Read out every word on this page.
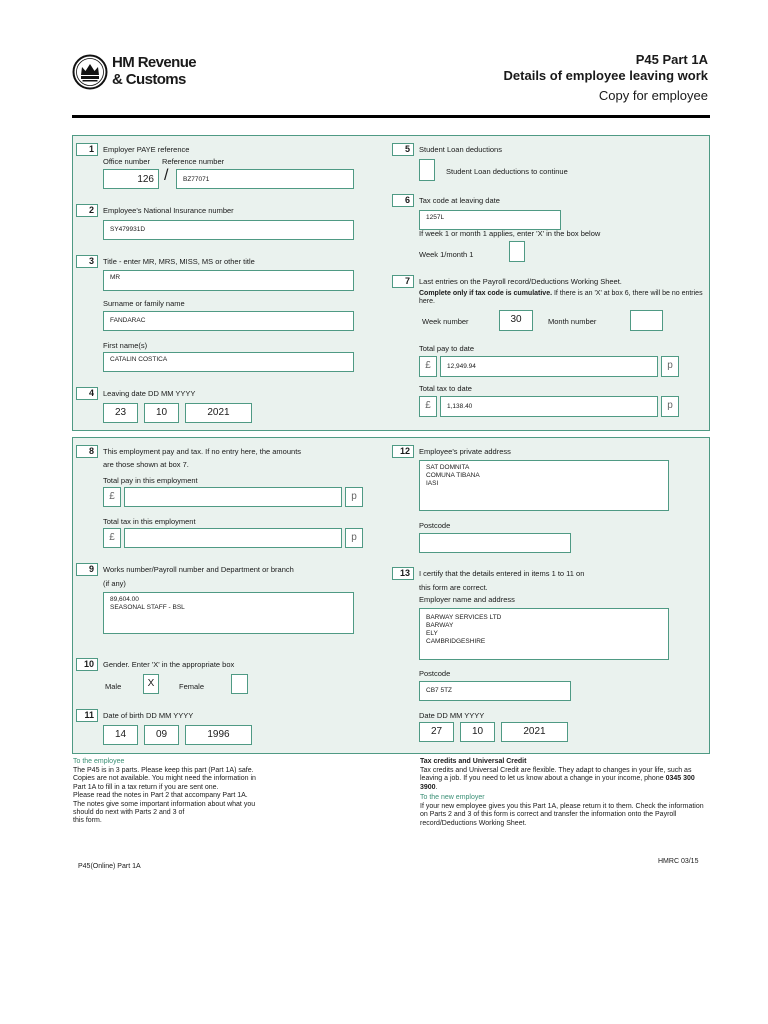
HM Revenue
& Customs
P45 Part 1A
Details of employee leaving work
Copy for employee
1	Employer PAYE reference
Office number Reference number
126 /	BZ77071
2	Employee's National Insurance number
SY479931D
3	Title - enter MR, MRS, MISS, MS or other title
MR
Surname or family name
FANDARAC
First name(s)
CATALIN COSTICA
4	Leaving date DD MM YYYY
23	10	2021
5	Student Loan deductions
Student Loan deductions to continue
6	Tax code at leaving date
1257L
If week 1 or month 1 applies, enter 'X' in the box below
Week 1/month 1
7	Last entries on the Payroll record/Deductions Working Sheet.
Complete only if tax code is cumulative. If there is an 'X' at box 6, there will be no entries here.
Week number	30	Month number
Total pay to date
£	12,949.94	p
Total tax to date
£	1,138.40	p
8	This employment pay and tax. If no entry here, the amounts
are those shown at box 7.
Total pay in this employment
£	p
Total tax in this employment
£	p
9	Works number/Payroll number and Department or branch
(if any)
89,604.00
SEASONAL STAFF - BSL
10	Gender. Enter 'X' in the appropriate box
Male	X	Female
11	Date of birth DD MM YYYY
14	09	1996
12	Employee's private address
SAT DOMNITA
COMUNA TIBANA
IASI
Postcode
13	I certify that the details entered in items 1 to 11 on
this form are correct.
Employer name and address
BARWAY SERVICES LTD
BARWAY
ELY
CAMBRIDGESHIRE
Postcode
CB7 5TZ
Date DD MM YYYY
27	10	2021
To the employee
The P45 is in 3 parts. Please keep this part (Part 1A) safe.
Copies are not available. You might need the information in
Part 1A to fill in a tax return if you are sent one.
Please read the notes in Part 2 that accompany Part 1A.
The notes give some important information about what you
should do next with Parts 2 and 3 of
this form.
Tax credits and Universal Credit
Tax credits and Universal Credit are flexible. They adapt to changes in your life, such as leaving a job. If you need to let us know about a change in your income, phone 0345 300 3900.
To the new employer
If your new employee gives you this Part 1A, please return it to them. Check the information on Parts 2 and 3 of this form is correct and transfer the information onto the Payroll record/Deductions Working Sheet.
P45(Online) Part 1A
HMRC 03/15
